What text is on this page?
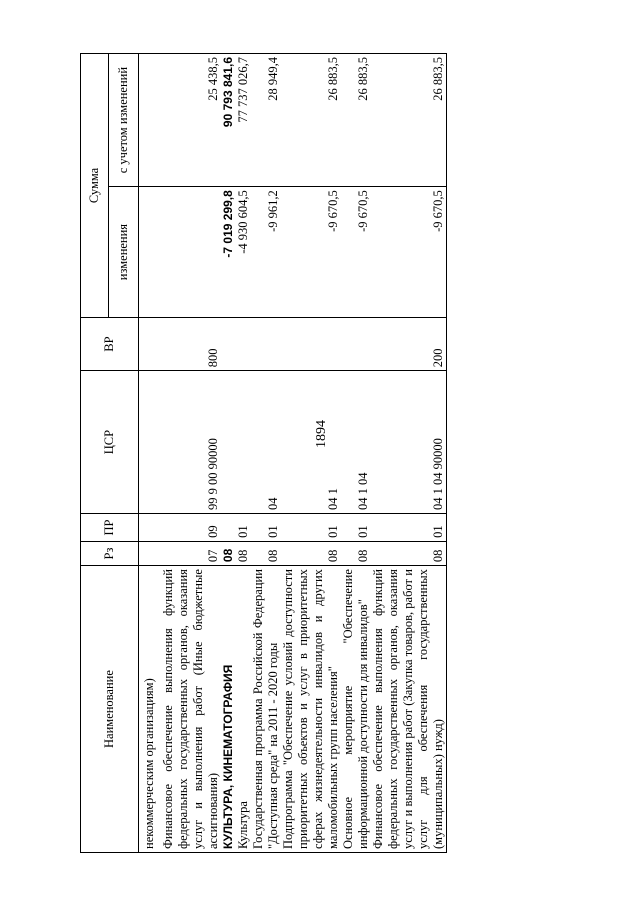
1894
Наименование	Рз	ПР	ЦСР	ВР	Сумма	
					изменения	с учетом изменений
некоммерческим организациям)						
Финансовое обеспечение выполнения функций федеральных государственных органов, оказания услуг и выполнения работ (Иные бюджетные ассигнования)	07	09	99 9 00 90000	800		25 438,5
КУЛЬТУРА, КИНЕМАТОГРАФИЯ	08				-7 019 299,8	90 793 841,6
Культура	08	01			-4 930 604,5	77 737 026,7
Государственная программа Российской Федерации "Доступная среда" на 2011 - 2020 годы	08	01	04		-9 961,2	28 949,4
Подпрограмма "Обеспечение условий доступности приоритетных объектов и услуг в приоритетных сферах жизнедеятельности инвалидов и других маломобильных групп населения"	08	01	04 1		-9 670,5	26 883,5
Основное мероприятие "Обеспечение информационной доступности для инвалидов"	08	01	04 1 04		-9 670,5	26 883,5
Финансовое обеспечение выполнения функций федеральных государственных органов, оказания услуг и выполнения работ (Закупка товаров, работ и услуг для обеспечения государственных (муниципальных) нужд)	08	01	04 1 04 90000	200	-9 670,5	26 883,5
